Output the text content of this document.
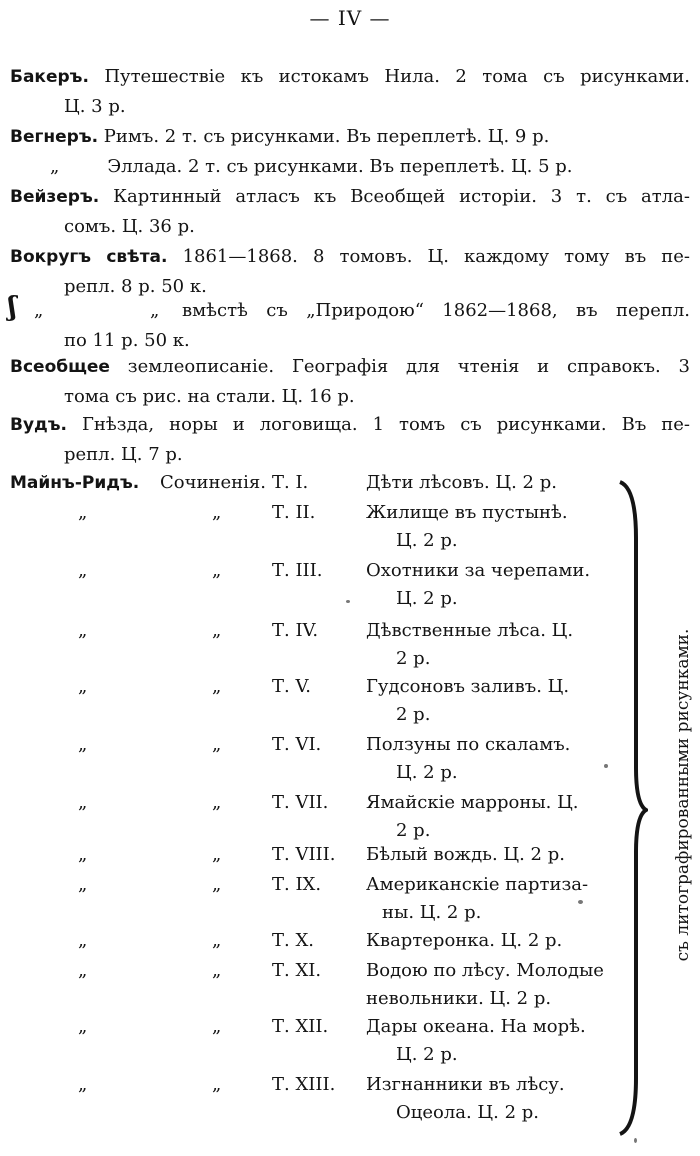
— IV —
Бакеръ. Путешествіе къ истокамъ Нила. 2 тома съ рисунками.
Ц. 3 р.
Вегнеръ. Римъ. 2 т. съ рисунками. Въ переплетѣ. Ц. 9 р.
„	Эллада. 2 т. съ рисунками. Въ переплетѣ. Ц. 5 р.
Вейзеръ. Картинный атласъ къ Всеобщей исторіи. 3 т. съ атла-
сомъ. Ц. 36 р.
Вокругъ свѣта. 1861—1868. 8 томовъ. Ц. каждому тому въ пе-
репл. 8 р. 50 к.
ʃ „	„ вмѣстѣ съ „Природою“ 1862—1868, въ перепл.
по 11 р. 50 к.
Всеобщее землеописаніе. Географія для чтенія и справокъ. 3
тома съ рис. на стали. Ц. 16 р.
Вудъ. Гнѣзда, норы и логовища. 1 томъ съ рисунками. Въ пе-
репл. Ц. 7 р.
Майнъ-Ридъ. Сочиненія. Т. I.	Дѣти лѣсовъ. Ц. 2 р.
„	„	Т. II.	Жилище въ пустынѣ.
Ц. 2 р.
„	„	Т. III. Охотники за черепами.
Ц. 2 р.
„	„	Т. IV.	Дѣвственные лѣса. Ц.
2 р.
„	„	Т. V.	Гудсоновъ заливъ. Ц.
2 р.
„	„	Т. VI. Ползуны по скаламъ.
Ц. 2 р.
„	„	Т. VII. Ямайскіе марроны. Ц.
2 р.
„	„	Т. VIII. Бѣлый вождь. Ц. 2 р.
„	„	Т. IX. Американскіе партиза-
ны. Ц. 2 р.
„	„	Т. X.	Квартеронка. Ц. 2 р.
„	„	Т. XI. Водою по лѣсу. Молодые
невольники. Ц. 2 р.
„	„	Т. XII. Дары океана. На морѣ.
Ц. 2 р.
„	„	Т. XIII. Изгнанники въ лѣсу.
Оцеола. Ц. 2 р.
съ литографированными рисунками.
